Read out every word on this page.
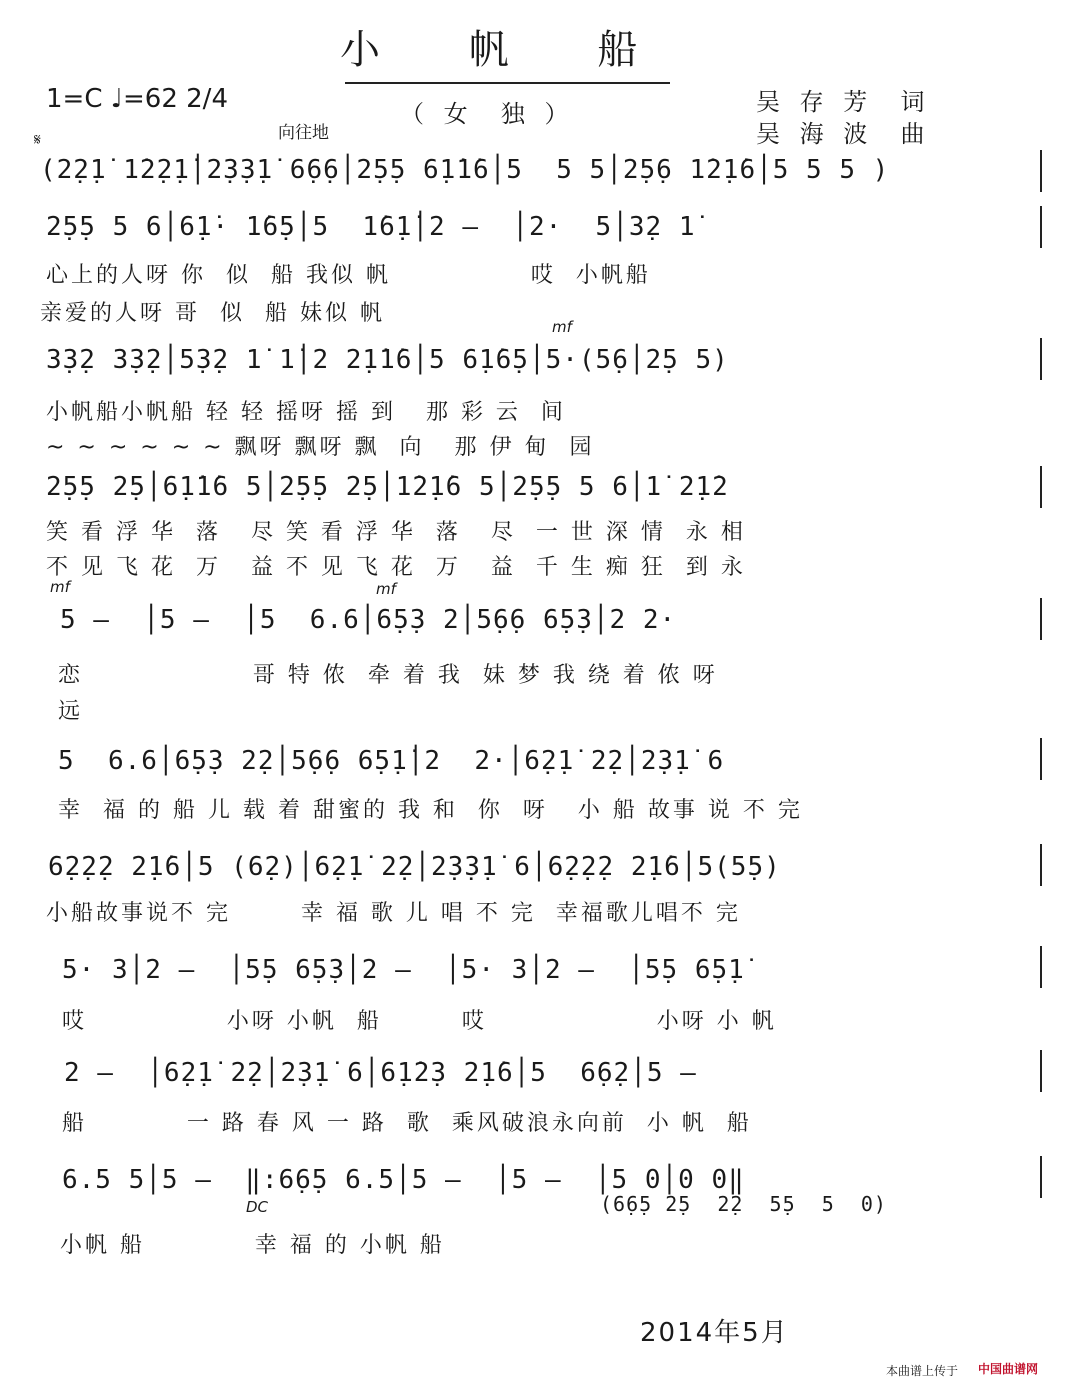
小 帆 船
1=C ♩=62 2/4	（ 女  独 ）	吴 存 芳  词
吴 海 波  曲
向往地
𝄋
(2̣2̣1̇ 1̇2̣2̣1̇│2̣3̣3̣1̇ 6̣6̣6│2̣5̣5 6̣1̇1̇6│5  5 5│2̣5̣6 1̇2̣1̇6│5 5 5 )
2̣5̣5 5 6│6̣1̇· 1̇6̣5│5  1̇6̣1̇│2 —  │2·  5│3̣2 1̇
心上的人呀 你  似  船 我似 帆              哎  小帆船
亲爱的人呀 哥  似  船 妹似 帆
mf
3̣3̣2 3̣3̣2│5̣3̣2 1̇ 1̇│2 2̣1̇1̇6│5 6̣1̇6̣5│5·(5̣6│2̣5 5)
小帆船小帆船 轻 轻 摇呀 摇 到   那 彩 云  间
~ ~ ~ ~ ~ ~ 飘呀 飘呀 飘  向   那 伊 甸  园
2̣5̣5 2̣5│6̣1̇1̇6 5│2̣5̣5 2̣5│1̇2̣1̇6 5│2̣5̣5 5 6│1̇ 2̣1̇2
笑 看 浮 华  落   尽 笑 看 浮 华  落   尽  一 世 深 情  永 相
不 见 飞 花  万   益 不 见 飞 花  万   益  千 生 痴 狂  到 永
mf	mf
5 —  │5 —  │5  6.6│6̣5̣3 2│5̣6̣6 6̣5̣3│2 2·
恋                 哥 特 侬  牵 着 我  妹 梦 我 绕 着 侬 呀
远
5  6.6│6̣5̣3 2̣2│5̣6̣6 6̣5̣1̇│2  2·│6̣2̣1̇ 2̣2│2̣3̣1̇ 6
幸  福 的 船 儿 载 着 甜蜜的 我 和  你  呀   小 船 故事 说 不 完
6̣2̣2̣2 2̣1̇6│5 (6̣2)│6̣2̣1̇ 2̣2│2̣3̣3̣1̇ 6│6̣2̣2̣2 2̣1̇6│5(5̣5)
小船故事说不 完       幸 福 歌 儿 唱 不 完  幸福歌儿唱不 完
5· 3│2 —  │5̣5 6̣5̣3│2 —  │5· 3│2 —  │5̣5 6̣5̣1̇
哎              小呀 小帆  船        哎                 小呀 小 帆
2 —  │6̣2̣1̇ 2̣2│2̣3̣1̇ 6│6̣1̇2̣3 2̣1̇6│5  6̣6̣2│5 —
船          一 路 春 风 一 路  歌  乘风破浪永向前  小 帆  船
6.5 5│5 —  ‖:6̣6̣5 6.5│5 —  │5 —  │5 0│0 0‖
DC	(6̣6̣5 2̣5  2̣2  5̣5  5  0)
小帆 船           幸 福 的 小帆 船
2014年5月
本曲谱上传于 中国曲谱网
